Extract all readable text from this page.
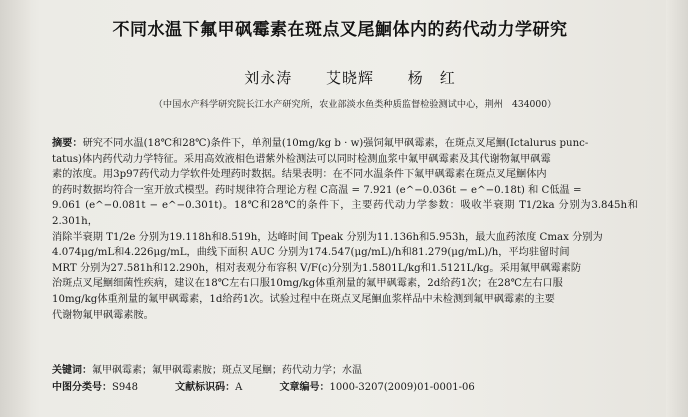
不同水温下氟甲砜霉素在斑点叉尾鮰体内的药代动力学研究
刘永涛 艾晓辉 杨　红
（中国水产科学研究院长江水产研究所，农业部淡水鱼类种质监督检验测试中心，荆州　434000）
摘要：研究不同水温(18℃和28℃)条件下，单剂量(10mg/kg b · w)强饲氟甲砜霉素，在斑点叉尾鮰(Ictalurus punc-
tatus)体内药代动力学特征。采用高效液相色谱紫外检测法可以同时检测血浆中氟甲砜霉素及其代谢物氟甲砜霉
素的浓度。用3p97药代动力学软件处理药时数据。结果表明：在不同水温条件下氟甲砜霉素在斑点叉尾鮰体内
的药时数据均符合一室开放式模型。药时规律符合理论方程 C高温 = 7.921 (e^−0.036t − e^−0.18t) 和 C低温 =
9.061 (e^−0.081t − e^−0.301t)。18℃和28℃的条件下，主要药代动力学参数：吸收半衰期 T1/2ka 分别为3.845h和2.301h，
消除半衰期 T1/2e 分别为19.118h和8.519h，达峰时间 Tpeak 分别为11.136h和5.953h，最大血药浓度 Cmax 分别为
4.074μg/mL和4.226μg/mL，曲线下面积 AUC 分别为174.547(μg/mL)/h和81.279(μg/mL)/h，平均驻留时间
MRT 分别为27.581h和12.290h，相对表观分布容积 V/F(c)分别为1.5801L/kg和1.5121L/kg。采用氟甲砜霉素防
治斑点叉尾鮰细菌性疾病，建议在18℃左右口服10mg/kg体重剂量的氟甲砜霉素，2d给药1次；在28℃左右口服
10mg/kg体重剂量的氟甲砜霉素，1d给药1次。试验过程中在斑点叉尾鮰血浆样品中未检测到氟甲砜霉素的主要
代谢物氟甲砜霉素胺。
关键词：氟甲砜霉素；氟甲砜霉素胺；斑点叉尾鮰；药代动力学；水温
中图分类号：S948	文献标识码：A	文章编号：1000-3207(2009)01-0001-06
